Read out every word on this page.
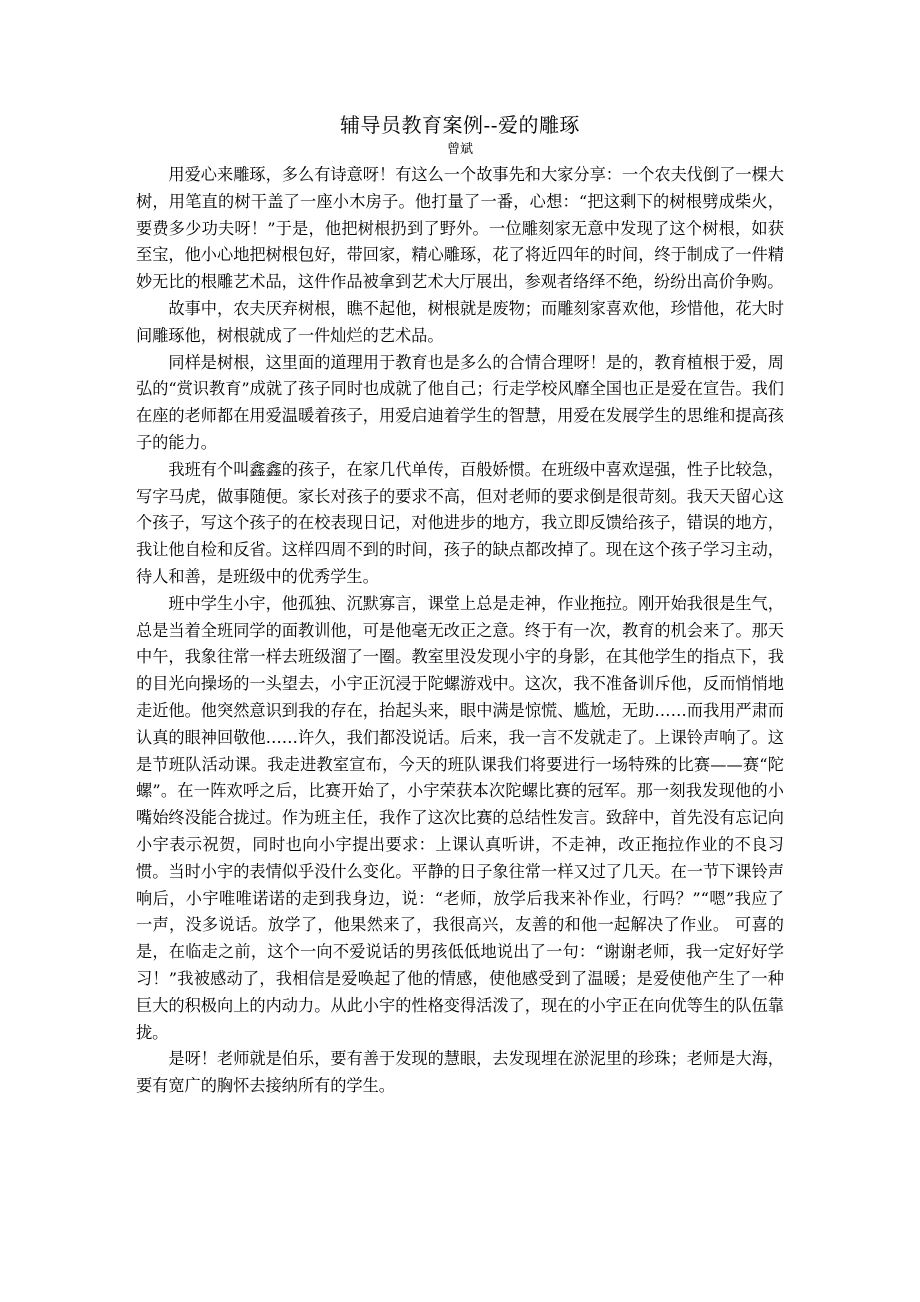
辅导员教育案例--爱的雕琢
曾斌

用爱心来雕琢，多么有诗意呀！有这么一个故事先和大家分享：一个农夫伐倒了一棵大树，用笔直的树干盖了一座小木房子。他打量了一番，心想：“把这剩下的树根劈成柴火，要费多少功夫呀！”于是，他把树根扔到了野外。一位雕刻家无意中发现了这个树根，如获至宝，他小心地把树根包好，带回家，精心雕琢，花了将近四年的时间，终于制成了一件精妙无比的根雕艺术品，这件作品被拿到艺术大厅展出，参观者络绎不绝，纷纷出高价争购。

故事中，农夫厌弃树根，瞧不起他，树根就是废物；而雕刻家喜欢他，珍惜他，花大时间雕琢他，树根就成了一件灿烂的艺术品。

同样是树根，这里面的道理用于教育也是多么的合情合理呀！是的，教育植根于爱，周弘的“赏识教育”成就了孩子同时也成就了他自己；行走学校风靡全国也正是爱在宣告。我们在座的老师都在用爱温暖着孩子，用爱启迪着学生的智慧，用爱在发展学生的思维和提高孩子的能力。

我班有个叫鑫鑫的孩子，在家几代单传，百般娇惯。在班级中喜欢逞强，性子比较急，写字马虎，做事随便。家长对孩子的要求不高，但对老师的要求倒是很苛刻。我天天留心这个孩子，写这个孩子的在校表现日记，对他进步的地方，我立即反馈给孩子，错误的地方，我让他自检和反省。这样四周不到的时间，孩子的缺点都改掉了。现在这个孩子学习主动，待人和善，是班级中的优秀学生。

班中学生小宇，他孤独、沉默寡言，课堂上总是走神，作业拖拉。刚开始我很是生气，总是当着全班同学的面教训他，可是他毫无改正之意。终于有一次，教育的机会来了。那天中午，我象往常一样去班级溜了一圈。教室里没发现小宇的身影，在其他学生的指点下，我的目光向操场的一头望去，小宇正沉浸于陀螺游戏中。这次，我不准备训斥他，反而悄悄地走近他。他突然意识到我的存在，抬起头来，眼中满是惊慌、尴尬，无助……而我用严肃而认真的眼神回敬他……许久，我们都没说话。后来，我一言不发就走了。上课铃声响了。这是节班队活动课。我走进教室宣布，今天的班队课我们将要进行一场特殊的比赛——赛“陀螺”。在一阵欢呼之后，比赛开始了，小宇荣获本次陀螺比赛的冠军。那一刻我发现他的小嘴始终没能合拢过。作为班主任，我作了这次比赛的总结性发言。致辞中，首先没有忘记向小宇表示祝贺，同时也向小宇提出要求：上课认真听讲，不走神，改正拖拉作业的不良习惯。当时小宇的表情似乎没什么变化。平静的日子象往常一样又过了几天。在一节下课铃声响后，小宇唯唯诺诺的走到我身边，说：“老师，放学后我来补作业，行吗？”“嗯”我应了一声，没多说话。放学了，他果然来了，我很高兴，友善的和他一起解决了作业。 可喜的是，在临走之前，这个一向不爱说话的男孩低低地说出了一句：“谢谢老师，我一定好好学习！”我被感动了，我相信是爱唤起了他的情感，使他感受到了温暖；是爱使他产生了一种巨大的积极向上的内动力。从此小宇的性格变得活泼了，现在的小宇正在向优等生的队伍靠拢。

是呀！老师就是伯乐，要有善于发现的慧眼，去发现埋在淤泥里的珍珠；老师是大海，要有宽广的胸怀去接纳所有的学生。
